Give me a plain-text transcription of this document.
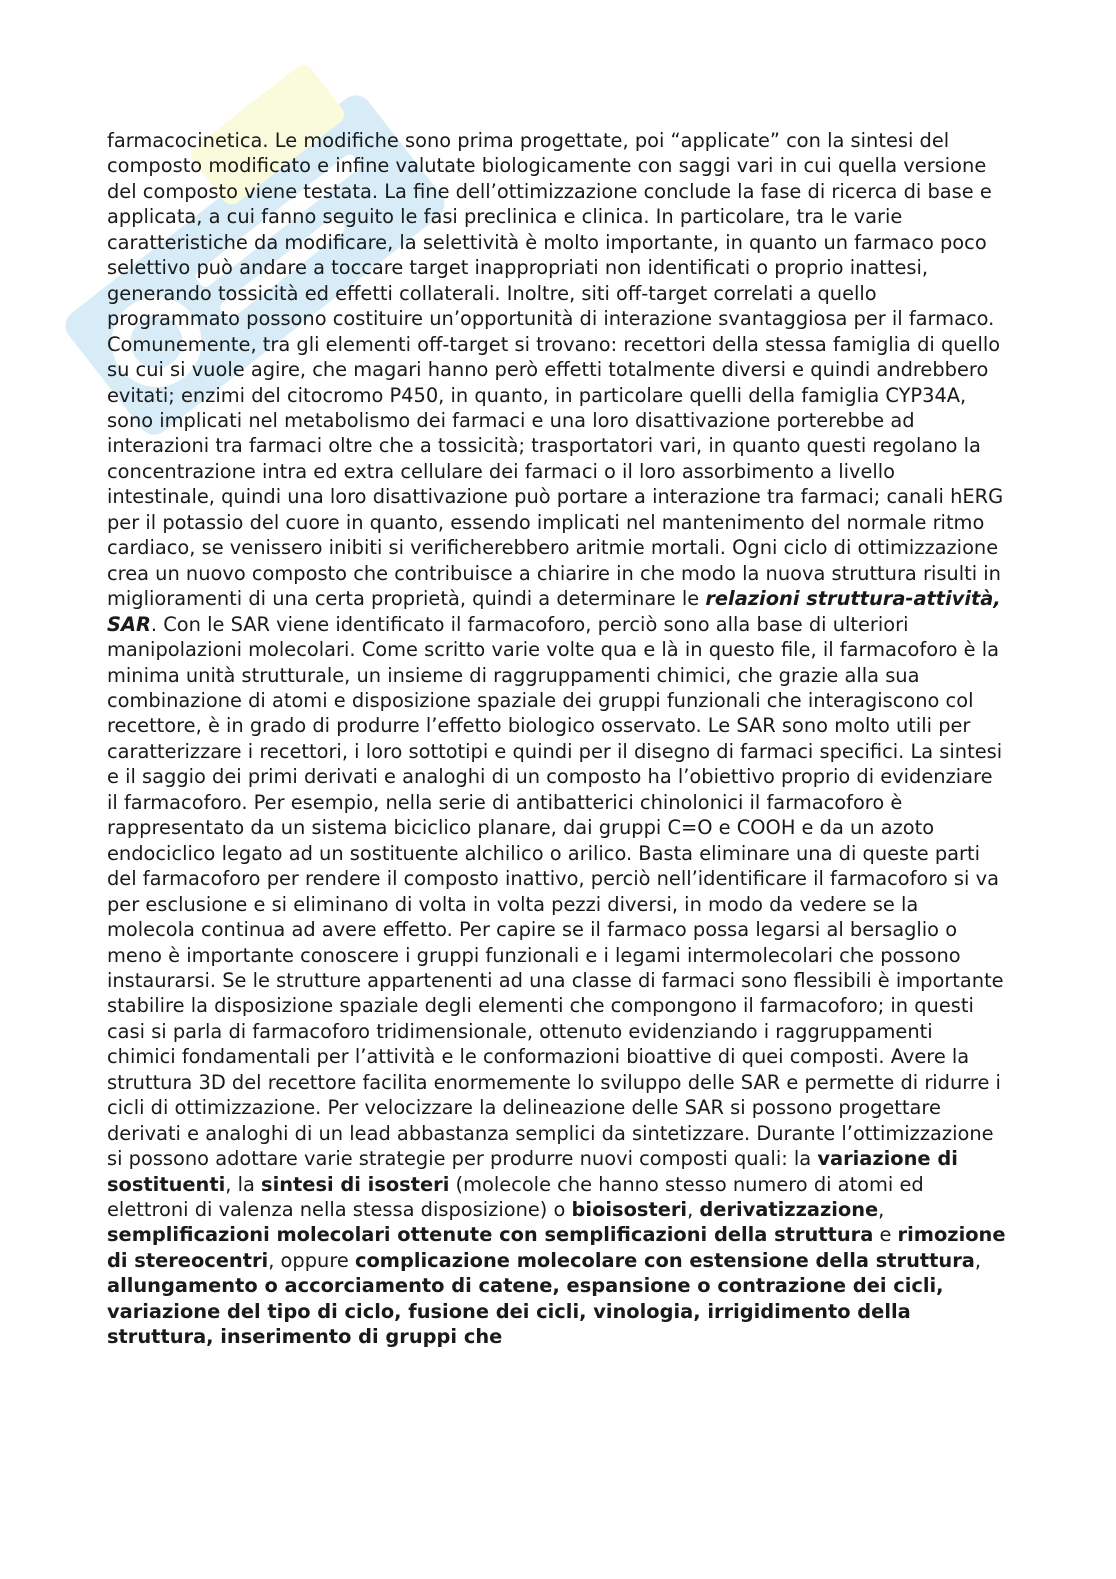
farmacocinetica. Le modifiche sono prima progettate, poi “applicate” con la sintesi del composto modificato e infine valutate biologicamente con saggi vari in cui quella versione del composto viene testata. La fine dell’ottimizzazione conclude la fase di ricerca di base e applicata, a cui fanno seguito le fasi preclinica e clinica. In particolare, tra le varie caratteristiche da modificare, la selettività è molto importante, in quanto un farmaco poco selettivo può andare a toccare target inappropriati non identificati o proprio inattesi, generando tossicità ed effetti collaterali. Inoltre, siti off-target correlati a quello programmato possono costituire un’opportunità di interazione svantaggiosa per il farmaco. Comunemente, tra gli elementi off-target si trovano: recettori della stessa famiglia di quello su cui si vuole agire, che magari hanno però effetti totalmente diversi e quindi andrebbero evitati; enzimi del citocromo P450, in quanto, in particolare quelli della famiglia CYP34A, sono implicati nel metabolismo dei farmaci e una loro disattivazione porterebbe ad interazioni tra farmaci oltre che a tossicità; trasportatori vari, in quanto questi regolano la concentrazione intra ed extra cellulare dei farmaci o il loro assorbimento a livello intestinale, quindi una loro disattivazione può portare a interazione tra farmaci; canali hERG per il potassio del cuore in quanto, essendo implicati nel mantenimento del normale ritmo cardiaco, se venissero inibiti si verificherebbero aritmie mortali. Ogni ciclo di ottimizzazione crea un nuovo composto che contribuisce a chiarire in che modo la nuova struttura risulti in miglioramenti di una certa proprietà, quindi a determinare le relazioni struttura-attività, SAR. Con le SAR viene identificato il farmacoforo, perciò sono alla base di ulteriori manipolazioni molecolari. Come scritto varie volte qua e là in questo file, il farmacoforo è la minima unità strutturale, un insieme di raggruppamenti chimici, che grazie alla sua combinazione di atomi e disposizione spaziale dei gruppi funzionali che interagiscono col recettore, è in grado di produrre l’effetto biologico osservato. Le SAR sono molto utili per caratterizzare i recettori, i loro sottotipi e quindi per il disegno di farmaci specifici. La sintesi e il saggio dei primi derivati e analoghi di un composto ha l’obiettivo proprio di evidenziare il farmacoforo. Per esempio, nella serie di antibatterici chinolonici il farmacoforo è rappresentato da un sistema biciclico planare, dai gruppi C=O e COOH e da un azoto endociclico legato ad un sostituente alchilico o arilico. Basta eliminare una di queste parti del farmacoforo per rendere il composto inattivo, perciò nell’identificare il farmacoforo si va per esclusione e si eliminano di volta in volta pezzi diversi, in modo da vedere se la molecola continua ad avere effetto. Per capire se il farmaco possa legarsi al bersaglio o meno è importante conoscere i gruppi funzionali e i legami intermolecolari che possono instaurarsi. Se le strutture appartenenti ad una classe di farmaci sono flessibili è importante stabilire la disposizione spaziale degli elementi che compongono il farmacoforo; in questi casi si parla di farmacoforo tridimensionale, ottenuto evidenziando i raggruppamenti chimici fondamentali per l’attività e le conformazioni bioattive di quei composti. Avere la struttura 3D del recettore facilita enormemente lo sviluppo delle SAR e permette di ridurre i cicli di ottimizzazione. Per velocizzare la delineazione delle SAR si possono progettare derivati e analoghi di un lead abbastanza semplici da sintetizzare. Durante l’ottimizzazione si possono adottare varie strategie per produrre nuovi composti quali: la variazione di sostituenti, la sintesi di isosteri (molecole che hanno stesso numero di atomi ed elettroni di valenza nella stessa disposizione) o bioisosteri, derivatizzazione, semplificazioni molecolari ottenute con semplificazioni della struttura e rimozione di stereocentri, oppure complicazione molecolare con estensione della struttura, allungamento o accorciamento di catene, espansione o contrazione dei cicli, variazione del tipo di ciclo, fusione dei cicli, vinologia, irrigidimento della struttura, inserimento di gruppi che
